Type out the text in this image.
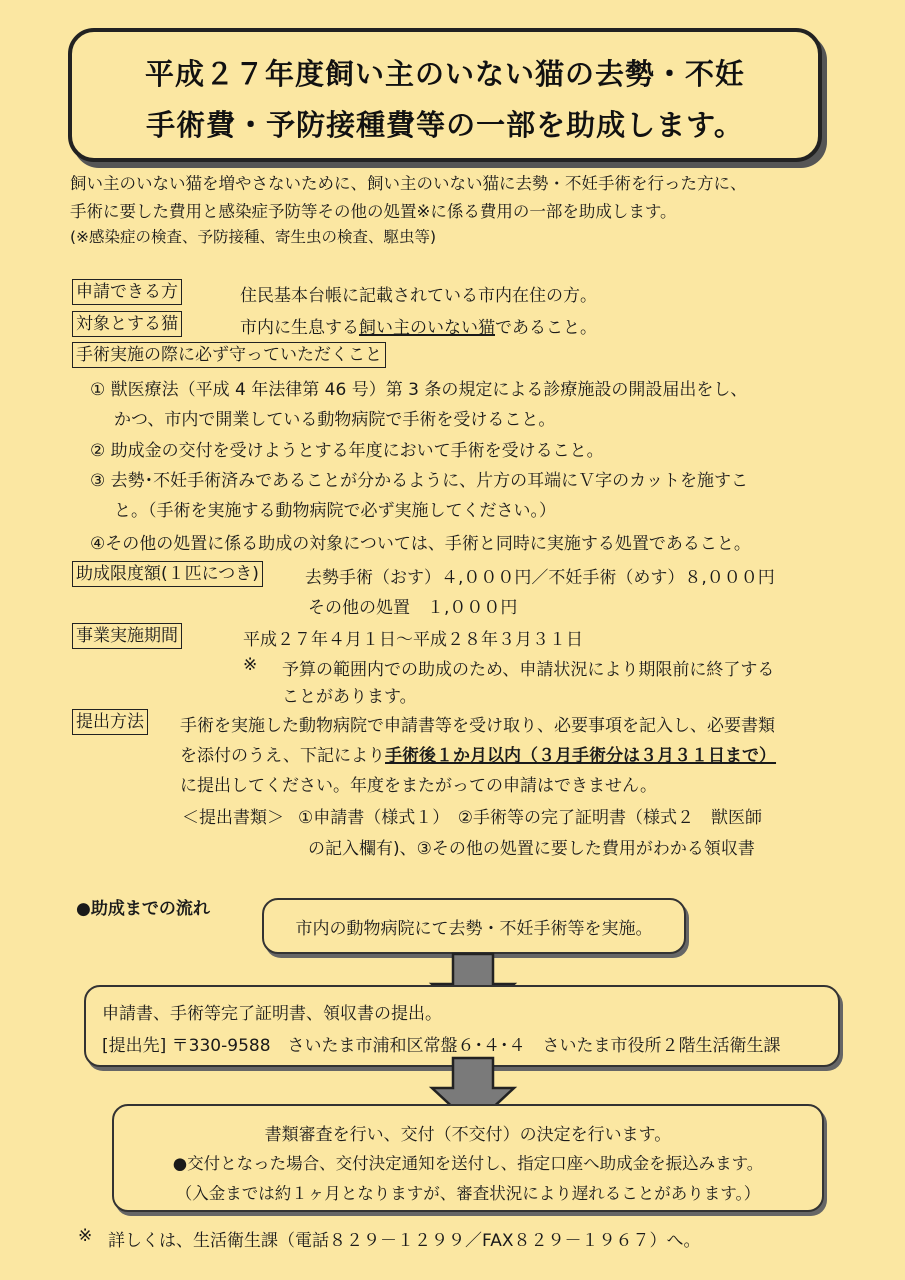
平成２７年度飼い主のいない猫の去勢・不妊
手術費・予防接種費等の一部を助成します。
飼い主のいない猫を増やさないために、飼い主のいない猫に去勢・不妊手術を行った方に、
手術に要した費用と感染症予防等その他の処置※に係る費用の一部を助成します。
(※感染症の検査、予防接種、寄生虫の検査、駆虫等)
申請できる方	住民基本台帳に記載されている市内在住の方。
対象とする猫	市内に生息する飼い主のいない猫であること。
手術実施の際に必ず守っていただくこと
① 獣医療法（平成 4 年法律第 46 号）第 3 条の規定による診療施設の開設届出をし、
かつ、市内で開業している動物病院で手術を受けること。
② 助成金の交付を受けようとする年度において手術を受けること。
③ 去勢･不妊手術済みであることが分かるように、片方の耳端にＶ字のカットを施すこ
と。（手術を実施する動物病院で必ず実施してください。）
④その他の処置に係る助成の対象については、手術と同時に実施する処置であること。
助成限度額(１匹につき)	去勢手術（おす）４,０００円／不妊手術（めす）８,０００円
その他の処置　１,０００円
事業実施期間	平成２７年４月１日～平成２８年３月３１日
※ 予算の範囲内での助成のため、申請状況により期限前に終了する
ことがあります。
提出方法 手術を実施した動物病院で申請書等を受け取り、必要事項を記入し、必要書類
を添付のうえ、下記により手術後１か月以内（３月手術分は３月３１日まで）
に提出してください。年度をまたがっての申請はできません。
＜提出書類＞ ①申請書（様式１）　②手術等の完了証明書（様式２　獣医師
の記入欄有)、③その他の処置に要した費用がわかる領収書
●助成までの流れ
市内の動物病院にて去勢・不妊手術等を実施。
申請書、手術等完了証明書、領収書の提出。
[提出先] 〒330-9588　さいたま市浦和区常盤６･４･４　さいたま市役所２階生活衛生課
書類審査を行い、交付（不交付）の決定を行います。
●交付となった場合、交付決定通知を送付し、指定口座へ助成金を振込みます。
（入金までは約１ヶ月となりますが、審査状況により遅れることがあります。）
※ 詳しくは、生活衛生課（電話８２９－１２９９／FAX８２９－１９６７）へ。
